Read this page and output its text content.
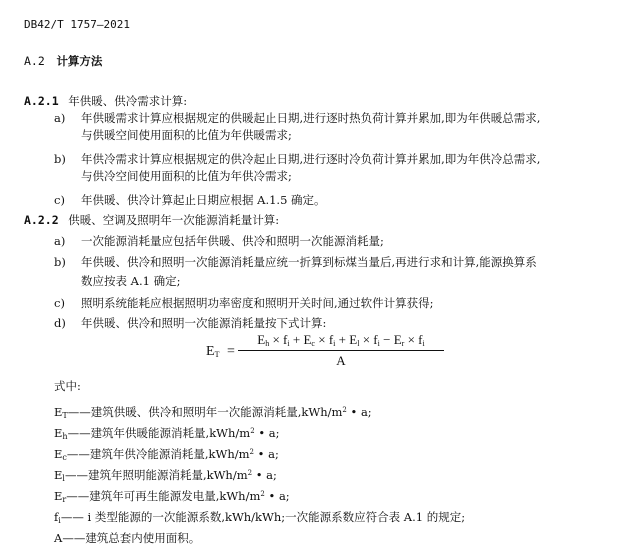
DB42/T 1757—2021
A.2 计算方法
A.2.1 年供暖、供冷需求计算:
a) 年供暖需求计算应根据规定的供暖起止日期,进行逐时热负荷计算并累加,即为年供暖总需求,
与供暖空间使用面积的比值为年供暖需求;
b) 年供冷需求计算应根据规定的供冷起止日期,进行逐时冷负荷计算并累加,即为年供冷总需求,
与供冷空间使用面积的比值为年供冷需求;
c) 年供暖、供冷计算起止日期应根据 A.1.5 确定。
A.2.2 供暖、空调及照明年一次能源消耗量计算:
a) 一次能源消耗量应包括年供暖、供冷和照明一次能源消耗量;
b) 年供暖、供冷和照明一次能源消耗量应统一折算到标煤当量后,再进行求和计算,能源换算系
数应按表 A.1 确定;
c) 照明系统能耗应根据照明功率密度和照明开关时间,通过软件计算获得;
d) 年供暖、供冷和照明一次能源消耗量按下式计算:
$E_T = \frac{E_h \times f_i + E_c \times f_i + E_l \times f_i - E_r \times f_i}{A}$
式中:
$E_T——$建筑供暖、供冷和照明年一次能源消耗量$,kWh/m^2$ • a;
$E_h——$建筑年供暖能源消耗量$,kWh/m^2$ • a;
$E_c——$建筑年供冷能源消耗量$,kWh/m^2$ • a;
$E_l——$建筑年照明能源消耗量$,kWh/m^2$ • a;
$E_r——$建筑年可再生能源发电量$,kWh/m^2$ • a;
$f_i——$ i 类型能源的一次能源系数,kWh/kWh;一次能源系数应符合表 A.1 的规定;
A——建筑总套内使用面积。
